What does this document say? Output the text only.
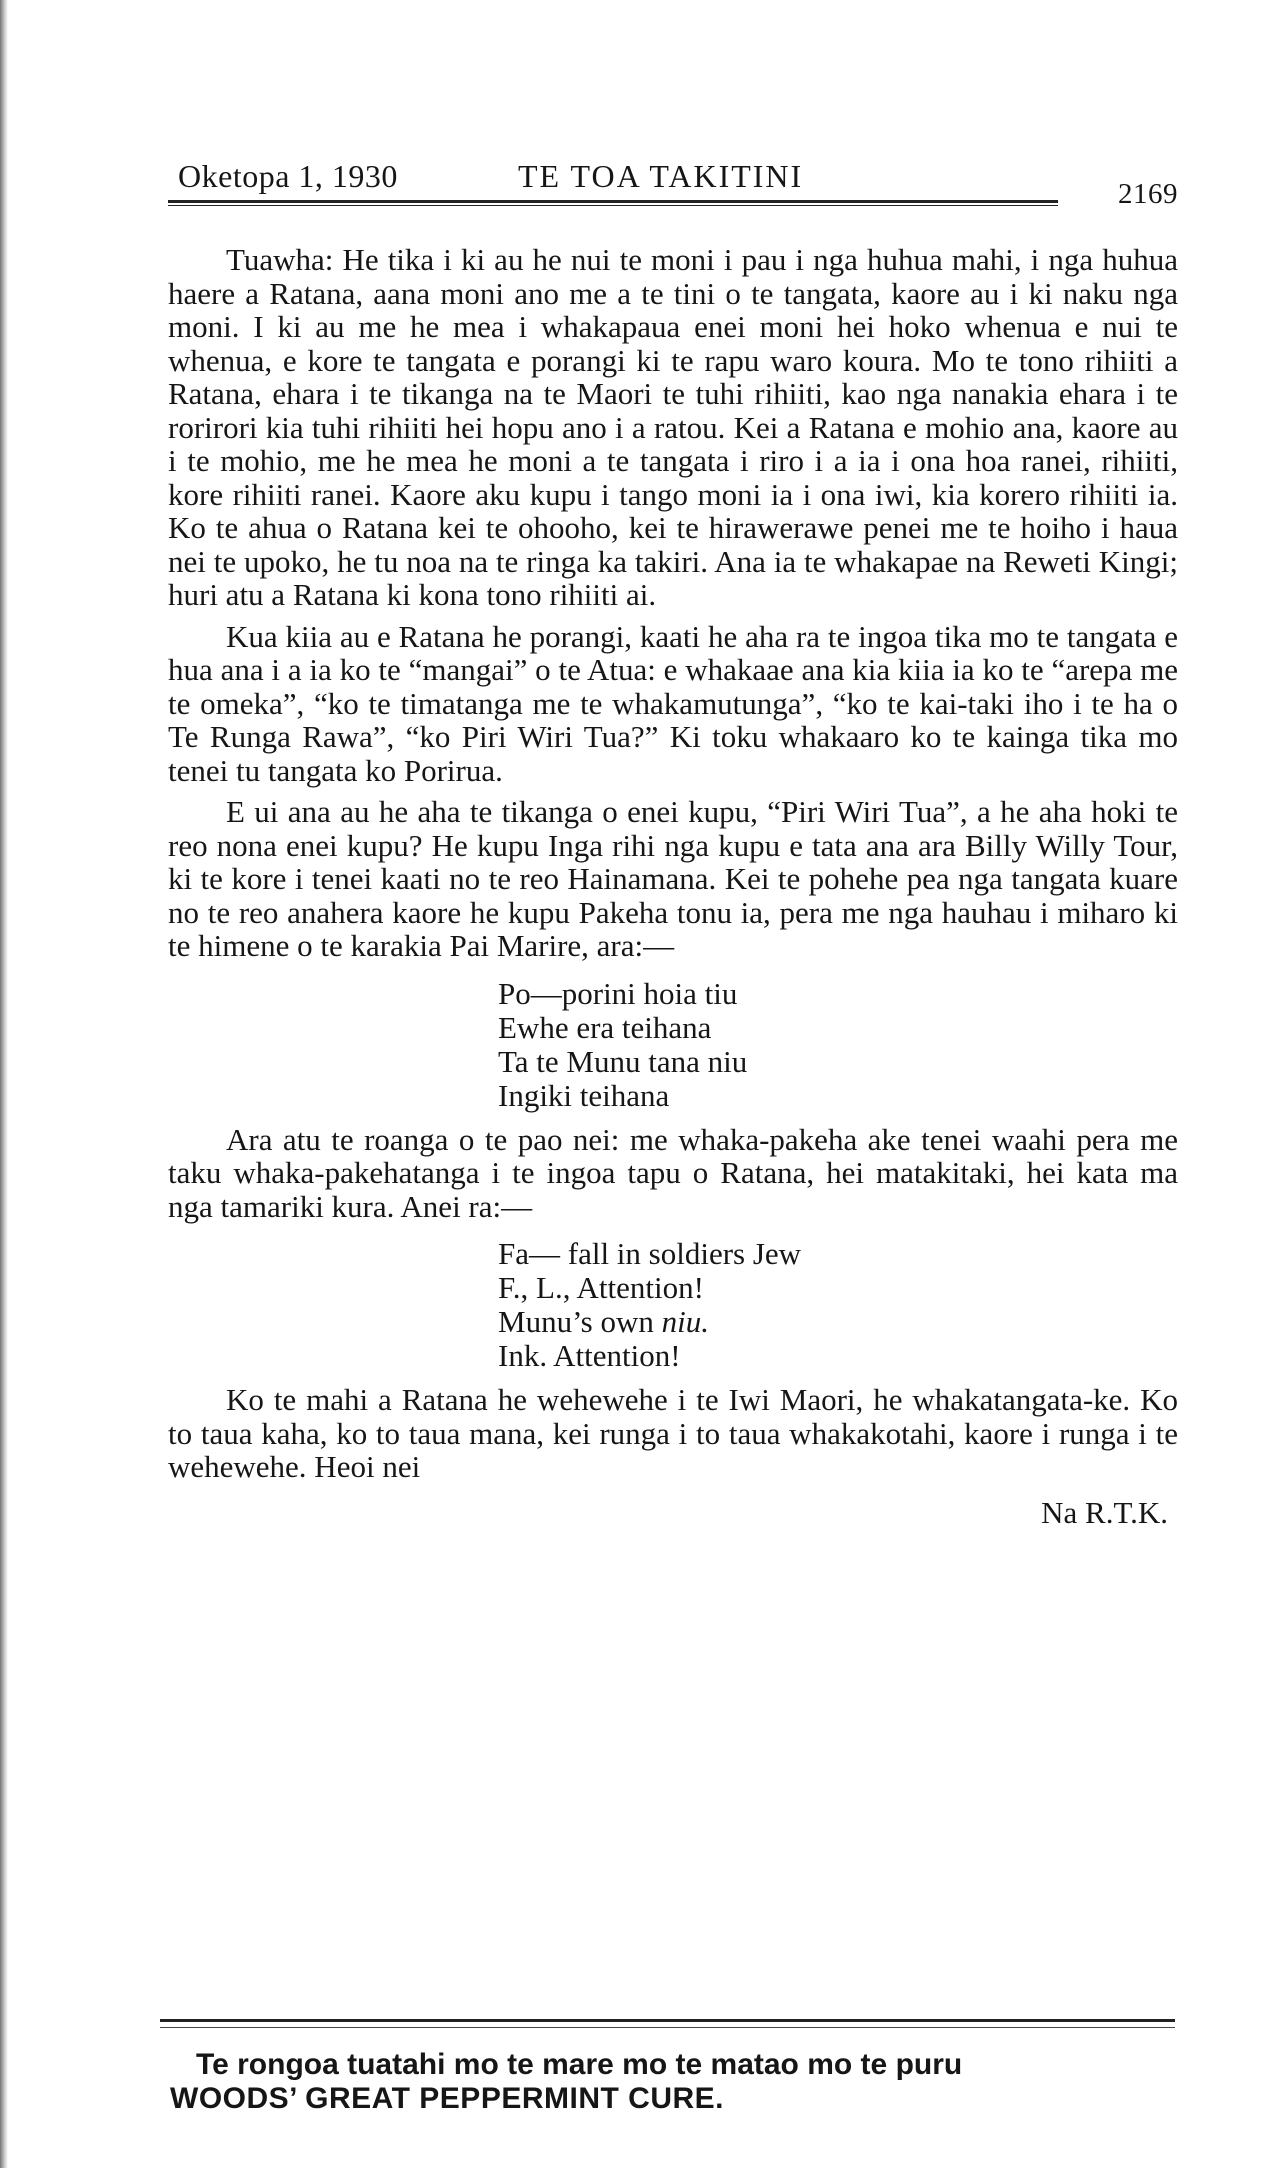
Oketopa 1, 1930	TE TOA TAKITINI	2169

Tuawha: He tika i ki au he nui te moni i pau i nga huhua mahi, i nga huhua haere a Ratana, aana moni ano me a te tini o te tangata, kaore au i ki naku nga moni. I ki au me he mea i whakapaua enei moni hei hoko whenua e nui te whenua, e kore te tangata e porangi ki te rapu waro koura. Mo te tono rihiiti a Ratana, ehara i te tikanga na te Maori te tuhi rihiiti, kao nga nanakia ehara i te rorirori kia tuhi rihiiti hei hopu ano i a ratou. Kei a Ratana e mohio ana, kaore au i te mohio, me he mea he moni a te tangata i riro i a ia i ona hoa ranei, rihiiti, kore rihiiti ranei. Kaore aku kupu i tango moni ia i ona iwi, kia korero rihiiti ia. Ko te ahua o Ratana kei te ohooho, kei te hirawerawe penei me te hoiho i haua nei te upoko, he tu noa na te ringa ka takiri. Ana ia te whakapae na Reweti Kingi; huri atu a Ratana ki kona tono rihiiti ai.

Kua kiia au e Ratana he porangi, kaati he aha ra te ingoa tika mo te tangata e hua ana i a ia ko te “mangai” o te Atua: e whakaae ana kia kiia ia ko te “arepa me te omeka”, “ko te timatanga me te whakamutunga”, “ko te kai-taki iho i te ha o Te Runga Rawa”, “ko Piri Wiri Tua?” Ki toku whakaaro ko te kainga tika mo tenei tu tangata ko Porirua.

E ui ana au he aha te tikanga o enei kupu, “Piri Wiri Tua”, a he aha hoki te reo nona enei kupu? He kupu Inga rihi nga kupu e tata ana ara Billy Willy Tour, ki te kore i tenei kaati no te reo Hainamana. Kei te pohehe pea nga tangata kuare no te reo anahera kaore he kupu Pakeha tonu ia, pera me nga hauhau i miharo ki te himene o te karakia Pai Marire, ara:—

Po—porini hoia tiu
Ewhe era teihana
Ta te Munu tana niu
Ingiki teihana

Ara atu te roanga o te pao nei: me whaka-pakeha ake tenei waahi pera me taku whaka-pakehatanga i te ingoa tapu o Ratana, hei matakitaki, hei kata ma nga tamariki kura. Anei ra:—

Fa— fall in soldiers Jew
F., L., Attention!
Munu’s own niu.
Ink. Attention!

Ko te mahi a Ratana he wehewehe i te Iwi Maori, he whakatangata-ke. Ko to taua kaha, ko to taua mana, kei runga i to taua whakakotahi, kaore i runga i te wehewehe. Heoi nei

Na R.T.K.
Te rongoa tuatahi mo te mare mo te matao mo te puru
WOODS’ GREAT PEPPERMINT CURE.
